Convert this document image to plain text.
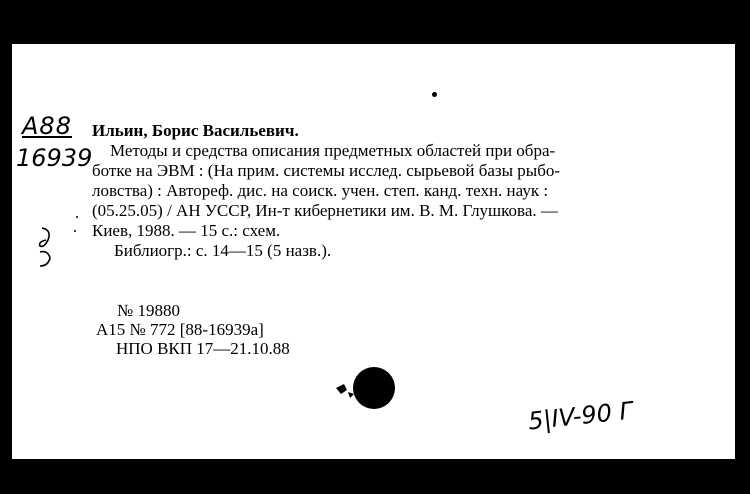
A88
16939
Ильин, Борис Васильевич.
Методы и средства описания предметных областей при обра-
ботке на ЭВМ : (На прим. системы исслед. сырьевой базы рыбо-
ловства) : Автореф. дис. на соиск. учен. степ. канд. техн. наук :
(05.25.05) / АН УССР, Ин-т кибернетики им. В. М. Глушкова. —
Киев, 1988. — 15 с.: схем.
Библиогр.: с. 14—15 (5 назв.).
№ 19880
А15 № 772 [88-16939а]
НПО ВКП 17—21.10.88
5|IV-90 Г
